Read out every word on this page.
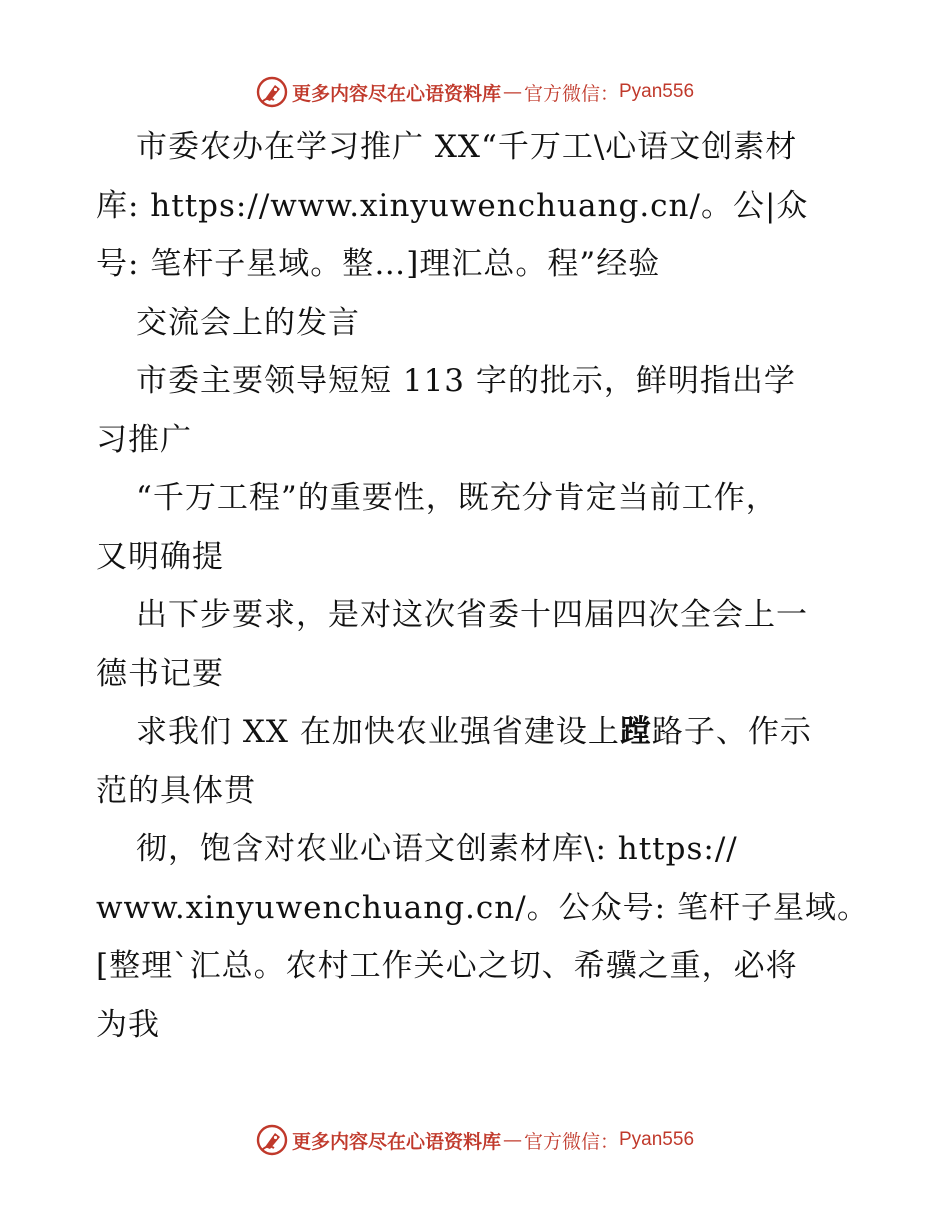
更多内容尽在心语资料库 — 官方微信： Pyan556
市委农办在学习推广 XX“千万工\心语文创素材
库: https://www.xinyuwenchuang.cn/。公|众
号: 笔杆子星域。整…]理汇总。程”经验
交流会上的发言
市委主要领导短短 113 字的批示，鲜明指出学
习推广
“千万工程”的重要性，既充分肯定当前工作，
又明确提
出下步要求，是对这次省委十四届四次全会上一
德书记要
求我们 XX 在加快农业强省建设上蹚路子、作示
范的具体贯
彻，饱含对农业心语文创素材库\: https://
www.xinyuwenchuang.cn/。公众号: 笔杆子星域。
[整理`汇总。农村工作关心之切、希骥之重，必将
为我
更多内容尽在心语资料库 — 官方微信： Pyan556
